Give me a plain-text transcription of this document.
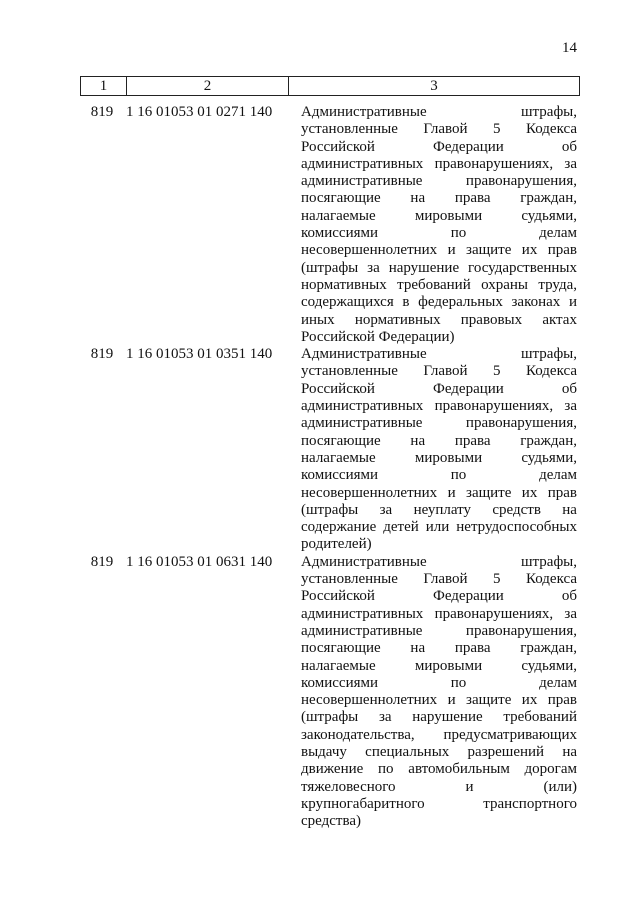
14
1	2	3
819 1 16 01053 01 0271 140	Административные	штрафы,
установленные Главой 5 Кодекса
Российской	Федерации	об
административных правонарушениях, за
административные	правонарушения,
посягающие на права граждан,
налагаемые	мировыми	судьями,
комиссиями	по	делам
несовершеннолетних и защите их прав
(штрафы за нарушение государственных
нормативных требований охраны труда,
содержащихся в федеральных законах и
иных нормативных правовых актах
Российской Федерации)
819 1 16 01053 01 0351 140	Административные	штрафы,
установленные Главой 5 Кодекса
Российской	Федерации	об
административных правонарушениях, за
административные	правонарушения,
посягающие на права граждан,
налагаемые	мировыми	судьями,
комиссиями	по	делам
несовершеннолетних и защите их прав
(штрафы за неуплату средств на
содержание детей или нетрудоспособных
родителей)
819 1 16 01053 01 0631 140	Административные	штрафы,
установленные Главой 5 Кодекса
Российской	Федерации	об
административных правонарушениях, за
административные	правонарушения,
посягающие на права граждан,
налагаемые	мировыми	судьями,
комиссиями	по	делам
несовершеннолетних и защите их прав
(штрафы за нарушение требований
законодательства, предусматривающих
выдачу специальных разрешений на
движение по автомобильным дорогам
тяжеловесного	и	(или)
крупногабаритного	транспортного
средства)
